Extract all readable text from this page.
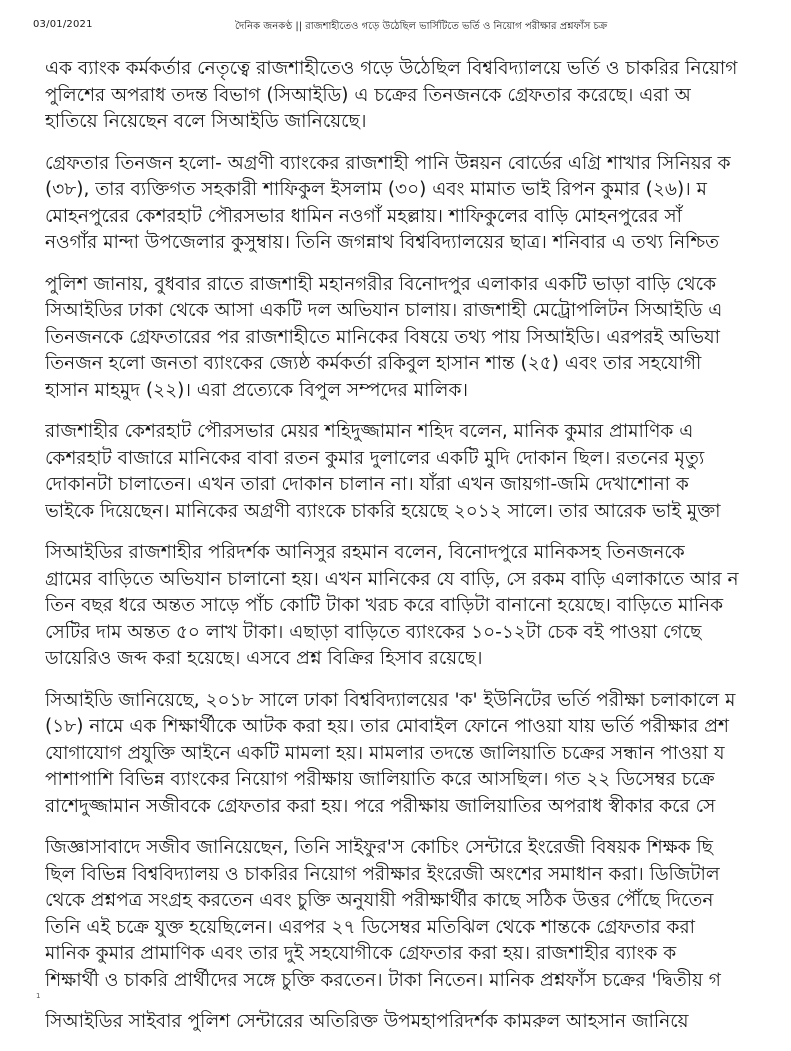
03/01/2021	দৈনিক জনকণ্ঠ || রাজশাহীতেও গড়ে উঠেছিল ভার্সিটিতে ভর্তি ও নিয়োগ পরীক্ষার প্রশ্নফাঁস চক্র

এক ব্যাংক কর্মকর্তার নেতৃত্বে রাজশাহীতেও গড়ে উঠেছিল বিশ্ববিদ্যালয়ে ভর্তি ও চাকরির নিয়োগ
পুলিশের অপরাধ তদন্ত বিভাগ (সিআইডি) এ চক্রের তিনজনকে গ্রেফতার করেছে। এরা অ
হাতিয়ে নিয়েছেন বলে সিআইডি জানিয়েছে।

গ্রেফতার তিনজন হলো- অগ্রণী ব্যাংকের রাজশাহী পানি উন্নয়ন বোর্ডের এগ্রি শাখার সিনিয়র ক
(৩৮), তার ব্যক্তিগত সহকারী শাফিকুল ইসলাম (৩০) এবং মামাত ভাই রিপন কুমার (২৬)। ম
মোহনপুরের কেশরহাট পৌরসভার ধামিন নওগাঁ মহল্লায়। শাফিকুলের বাড়ি মোহনপুরের সাঁ
নওগাঁর মান্দা উপজেলার কুসুম্বায়। তিনি জগন্নাথ বিশ্ববিদ্যালয়ের ছাত্র। শনিবার এ তথ্য নিশ্চিত

পুলিশ জানায়, বুধবার রাতে রাজশাহী মহানগরীর বিনোদপুর এলাকার একটি ভাড়া বাড়ি থেকে
সিআইডির ঢাকা থেকে আসা একটি দল অভিযান চালায়। রাজশাহী মেট্রোপলিটন সিআইডি এ
তিনজনকে গ্রেফতারের পর রাজশাহীতে মানিকের বিষয়ে তথ্য পায় সিআইডি। এরপরই অভিযা
তিনজন হলো জনতা ব্যাংকের জ্যেষ্ঠ কর্মকর্তা রকিবুল হাসান শান্ত (২৫) এবং তার সহযোগী
হাসান মাহমুদ (২২)। এরা প্রত্যেকে বিপুল সম্পদের মালিক।

রাজশাহীর কেশরহাট পৌরসভার মেয়র শহিদুজ্জামান শহিদ বলেন, মানিক কুমার প্রামাণিক এ
কেশরহাট বাজারে মানিকের বাবা রতন কুমার দুলালের একটি মুদি দোকান ছিল। রতনের মৃত্যু
দোকানটা চালাতেন। এখন তারা দোকান চালান না। যাঁরা এখন জায়গা-জমি দেখাশোনা ক
ভাইকে দিয়েছেন। মানিকের অগ্রণী ব্যাংকে চাকরি হয়েছে ২০১২ সালে। তার আরেক ভাই মুক্তা

সিআইডির রাজশাহীর পরিদর্শক আনিসুর রহমান বলেন, বিনোদপুরে মানিকসহ তিনজনকে
গ্রামের বাড়িতে অভিযান চালানো হয়। এখন মানিকের যে বাড়ি, সে রকম বাড়ি এলাকাতে আর ন
তিন বছর ধরে অন্তত সাড়ে পাঁচ কোটি টাকা খরচ করে বাড়িটা বানানো হয়েছে। বাড়িতে মানিক
সেটির দাম অন্তত ৫০ লাখ টাকা। এছাড়া বাড়িতে ব্যাংকের ১০-১২টা চেক বই পাওয়া গেছে
ডায়েরিও জব্দ করা হয়েছে। এসবে প্রশ্ন বিক্রির হিসাব রয়েছে।

সিআইডি জানিয়েছে, ২০১৮ সালে ঢাকা বিশ্ববিদ্যালয়ের 'ক' ইউনিটের ভর্তি পরীক্ষা চলাকালে ম
(১৮) নামে এক শিক্ষার্থীকে আটক করা হয়। তার মোবাইল ফোনে পাওয়া যায় ভর্তি পরীক্ষার প্রশ
যোগাযোগ প্রযুক্তি আইনে একটি মামলা হয়। মামলার তদন্তে জালিয়াতি চক্রের সন্ধান পাওয়া য
পাশাপাশি বিভিন্ন ব্যাংকের নিয়োগ পরীক্ষায় জালিয়াতি করে আসছিল। গত ২২ ডিসেম্বর চক্রে
রাশেদুজ্জামান সজীবকে গ্রেফতার করা হয়। পরে পরীক্ষায় জালিয়াতির অপরাধ স্বীকার করে সে

জিজ্ঞাসাবাদে সজীব জানিয়েছেন, তিনি সাইফুর'স কোচিং সেন্টারে ইংরেজী বিষয়ক শিক্ষক ছি
ছিল বিভিন্ন বিশ্ববিদ্যালয় ও চাকরির নিয়োগ পরীক্ষার ইংরেজী অংশের সমাধান করা। ডিজিটাল
থেকে প্রশ্নপত্র সংগ্রহ করতেন এবং চুক্তি অনুযায়ী পরীক্ষার্থীর কাছে সঠিক উত্তর পৌঁছে দিতেন
তিনি এই চক্রে যুক্ত হয়েছিলেন। এরপর ২৭ ডিসেম্বর মতিঝিল থেকে শান্তকে গ্রেফতার করা
মানিক কুমার প্রামাণিক এবং তার দুই সহযোগীকে গ্রেফতার করা হয়। রাজশাহীর ব্যাংক ক
শিক্ষার্থী ও চাকরি প্রার্থীদের সঙ্গে চুক্তি করতেন। টাকা নিতেন। মানিক প্রশ্নফাঁস চক্রের 'দ্বিতীয় গ

সিআইডির সাইবার পুলিশ সেন্টারের অতিরিক্ত উপমহাপরিদর্শক কামরুল আহসান জানিয়ে

1
